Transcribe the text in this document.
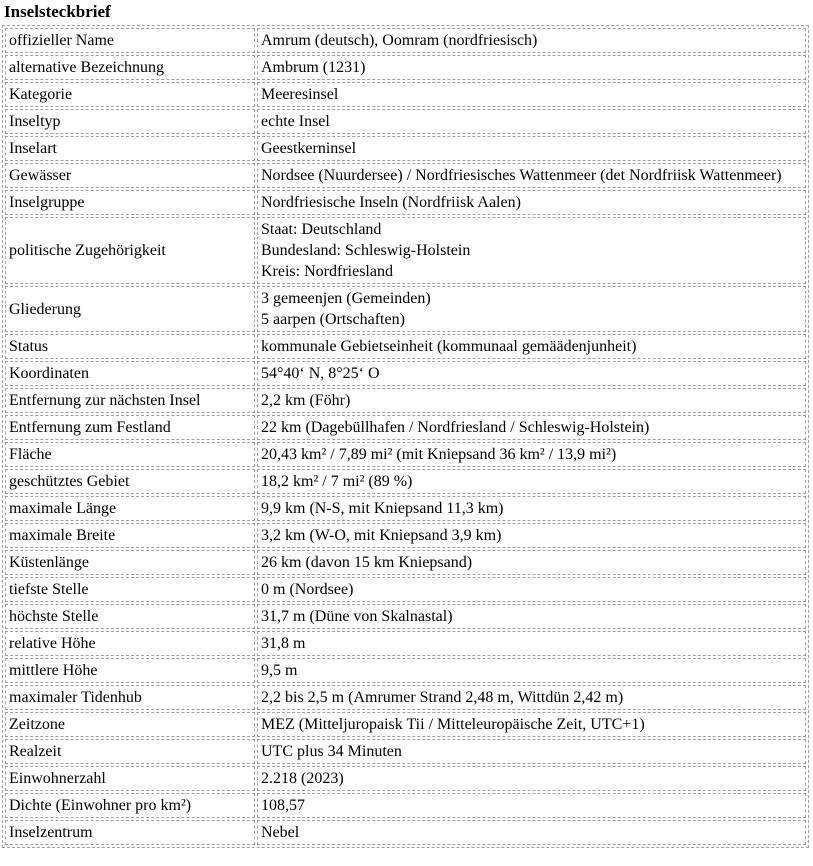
Inselsteckbrief
offizieller Name	Amrum (deutsch), Oomram (nordfriesisch)

alternative Bezeichnung	Ambrum (1231)

Kategorie	Meeresinsel

Inseltyp	echte Insel

Inselart	Geestkerninsel

Gewässer	Nordsee (Nuurdersee) / Nordfriesisches Wattenmeer (det Nordfriisk Wattenmeer)

Inselgruppe	Nordfriesische Inseln (Nordfriisk Aalen)

politische Zugehörigkeit	Staat: Deutschland
Bundesland: Schleswig-Holstein
Kreis: Nordfriesland

Gliederung	3 gemeenjen (Gemeinden)
5 aarpen (Ortschaften)

Status	kommunale Gebietseinheit (kommunaal gemäädenjunheit)

Koordinaten	54°40‘ N, 8°25‘ O

Entfernung zur nächsten Insel	2,2 km (Föhr)

Entfernung zum Festland	22 km (Dagebüllhafen / Nordfriesland / Schleswig-Holstein)

Fläche	20,43 km² / 7,89 mi² (mit Kniepsand 36 km² / 13,9 mi²)

geschütztes Gebiet	18,2 km² / 7 mi² (89 %)

maximale Länge	9,9 km (N-S, mit Kniepsand 11,3 km)

maximale Breite	3,2 km (W-O, mit Kniepsand 3,9 km)

Küstenlänge	26 km (davon 15 km Kniepsand)

tiefste Stelle	0 m (Nordsee)

höchste Stelle	31,7 m (Düne von Skalnastal)

relative Höhe	31,8 m

mittlere Höhe	9,5 m

maximaler Tidenhub	2,2 bis 2,5 m (Amrumer Strand 2,48 m, Wittdün 2,42 m)

Zeitzone	MEZ (Mitteljuropaisk Tii / Mitteleuropäische Zeit, UTC+1)

Realzeit	UTC plus 34 Minuten

Einwohnerzahl	2.218 (2023)

Dichte (Einwohner pro km²)	108,57

Inselzentrum	Nebel
